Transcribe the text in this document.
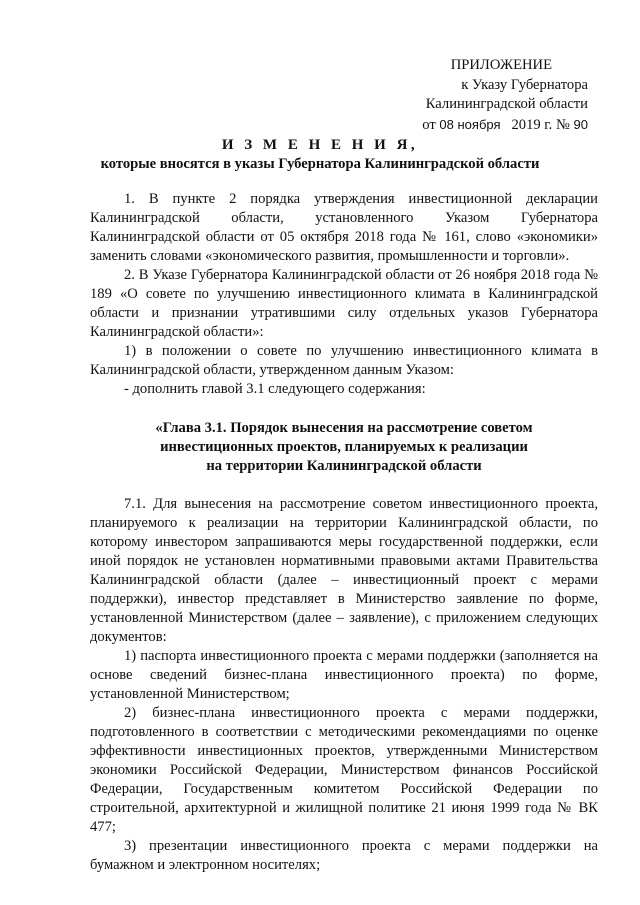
ПРИЛОЖЕНИЕ
к Указу Губернатора
Калининградской области
от 08 ноября 2019 г. № 90
И З М Е Н Е Н И Я,
которые вносятся в указы Губернатора Калининградской области

1. В пункте 2 порядка утверждения инвестиционной декларации Калининградской области, установленного Указом Губернатора Калининградской области от 05 октября 2018 года № 161, слово «экономики» заменить словами «экономического развития, промышленности и торговли».

2. В Указе Губернатора Калининградской области от 26 ноября 2018 года № 189 «О совете по улучшению инвестиционного климата в Калининградской области и признании утратившими силу отдельных указов Губернатора Калининградской области»:

1) в положении о совете по улучшению инвестиционного климата в Калининградской области, утвержденном данным Указом:

- дополнить главой 3.1 следующего содержания:

«Глава 3.1. Порядок вынесения на рассмотрение советом
инвестиционных проектов, планируемых к реализации
на территории Калининградской области

7.1. Для вынесения на рассмотрение советом инвестиционного проекта, планируемого к реализации на территории Калининградской области, по которому инвестором запрашиваются меры государственной поддержки, если иной порядок не установлен нормативными правовыми актами Правительства Калининградской области (далее – инвестиционный проект с мерами поддержки), инвестор представляет в Министерство заявление по форме, установленной Министерством (далее – заявление), с приложением следующих документов:

1) паспорта инвестиционного проекта с мерами поддержки (заполняется на основе сведений бизнес-плана инвестиционного проекта) по форме, установленной Министерством;

2) бизнес-плана инвестиционного проекта с мерами поддержки, подготовленного в соответствии с методическими рекомендациями по оценке эффективности инвестиционных проектов, утвержденными Министерством экономики Российской Федерации, Министерством финансов Российской Федерации, Государственным комитетом Российской Федерации по строительной, архитектурной и жилищной политике 21 июня 1999 года № ВК 477;

3) презентации инвестиционного проекта с мерами поддержки на бумажном и электронном носителях;
